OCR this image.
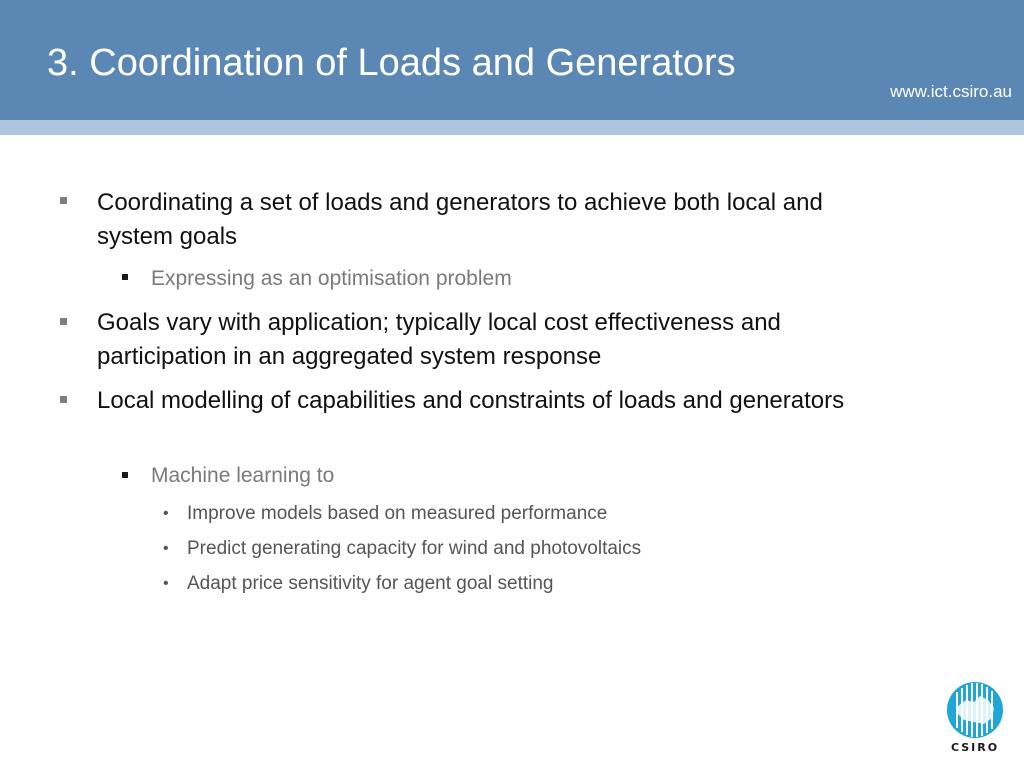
3. Coordination of Loads and Generators
www.ict.csiro.au
Coordinating a set of loads and generators to achieve both local and system goals
Expressing as an optimisation problem
Goals vary with application; typically local cost effectiveness and participation in an aggregated system response
Local modelling of capabilities and constraints of loads and generators
Machine learning to
• Improve models based on measured performance
• Predict generating capacity for wind and photovoltaics
• Adapt price sensitivity for agent goal setting
CSIRO
